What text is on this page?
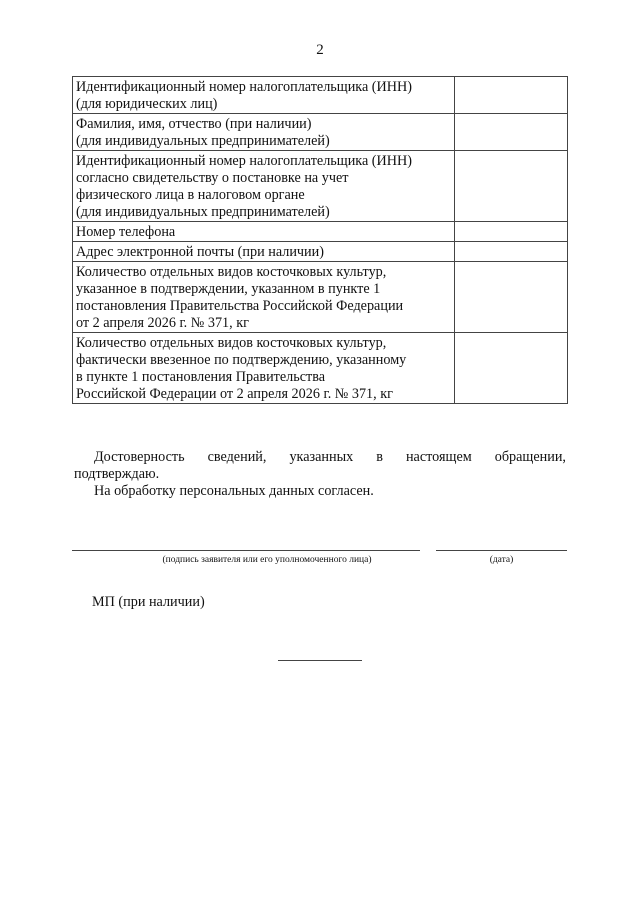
2
Идентификационный номер налогоплательщика (ИНН)
(для юридических лиц)	

Фамилия, имя, отчество (при наличии)
(для индивидуальных предпринимателей)	

Идентификационный номер налогоплательщика (ИНН)
согласно свидетельству о постановке на учет
физического лица в налоговом органе
(для индивидуальных предпринимателей)	

Номер телефона	

Адрес электронной почты (при наличии)	

Количество отдельных видов косточковых культур,
указанное в подтверждении, указанном в пункте 1
постановления Правительства Российской Федерации
от 2 апреля 2026 г. № 371, кг	

Количество отдельных видов косточковых культур,
фактически ввезенное по подтверждению, указанному
в пункте 1 постановления Правительства
Российской Федерации от 2 апреля 2026 г. № 371, кг	

Достоверность сведений, указанных в настоящем обращении,
подтверждаю.
На обработку персональных данных согласен.
(подпись заявителя или его уполномоченного лица)	(дата)
МП (при наличии)
